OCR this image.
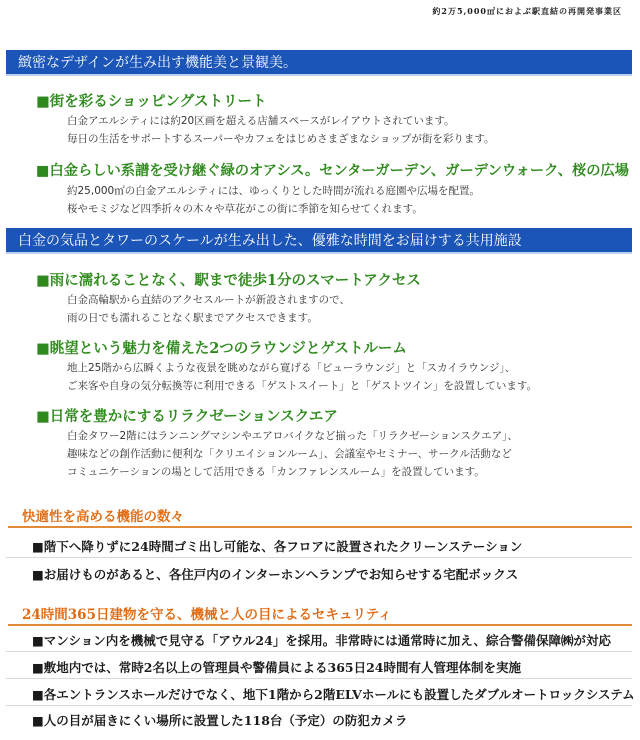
約2万5,000㎡におよぶ駅直結の再開発事業区
緻密なデザインが生み出す機能美と景観美。
■街を彩るショッピングストリート
白金アエルシティには約20区画を超える店舗スペースがレイアウトされています。
毎日の生活をサポートするスーパーやカフェをはじめさまざまなショップが街を彩ります。
■白金らしい系譜を受け継ぐ緑のオアシス。センターガーデン、ガーデンウォーク、桜の広場
約25,000㎡の白金アエルシティには、ゆっくりとした時間が流れる庭園や広場を配置。
桜やモミジなど四季折々の木々や草花がこの街に季節を知らせてくれます。
白金の気品とタワーのスケールが生み出した、優雅な時間をお届けする共用施設
■雨に濡れることなく、駅まで徒歩1分のスマートアクセス
白金高輪駅から直結のアクセスルートが新設されますので、
雨の日でも濡れることなく駅までアクセスできます。
■眺望という魅力を備えた2つのラウンジとゲストルーム
地上25階から広瞬くような夜景を眺めながら寛げる「ビューラウンジ」と「スカイラウンジ」、
ご来客や自身の気分転換等に利用できる「ゲストスイート」と「ゲストツイン」を設置しています。
■日常を豊かにするリラクゼーションスクエア
白金タワー2階にはランニングマシンやエアロバイクなど揃った「リラクゼーションスクエア」、
趣味などの創作活動に便利な「クリエイションルーム」、会議室やセミナー、サークル活動など
コミュニケーションの場として活用できる「カンファレンスルーム」を設置しています。
快適性を高める機能の数々
■階下へ降りずに24時間ゴミ出し可能な、各フロアに設置されたクリーンステーション
■お届けものがあると、各住戸内のインターホンへランプでお知らせする宅配ボックス
24時間365日建物を守る、機械と人の目によるセキュリティ
■マンション内を機械で見守る「アウル24」を採用。非常時には通常時に加え、綜合警備保障㈱が対応
■敷地内では、常時2名以上の管理員や警備員による365日24時間有人管理体制を実施
■各エントランスホールだけでなく、地下1階から2階ELVホールにも設置したダブルオートロックシステム
■人の目が届きにくい場所に設置した118台（予定）の防犯カメラ
